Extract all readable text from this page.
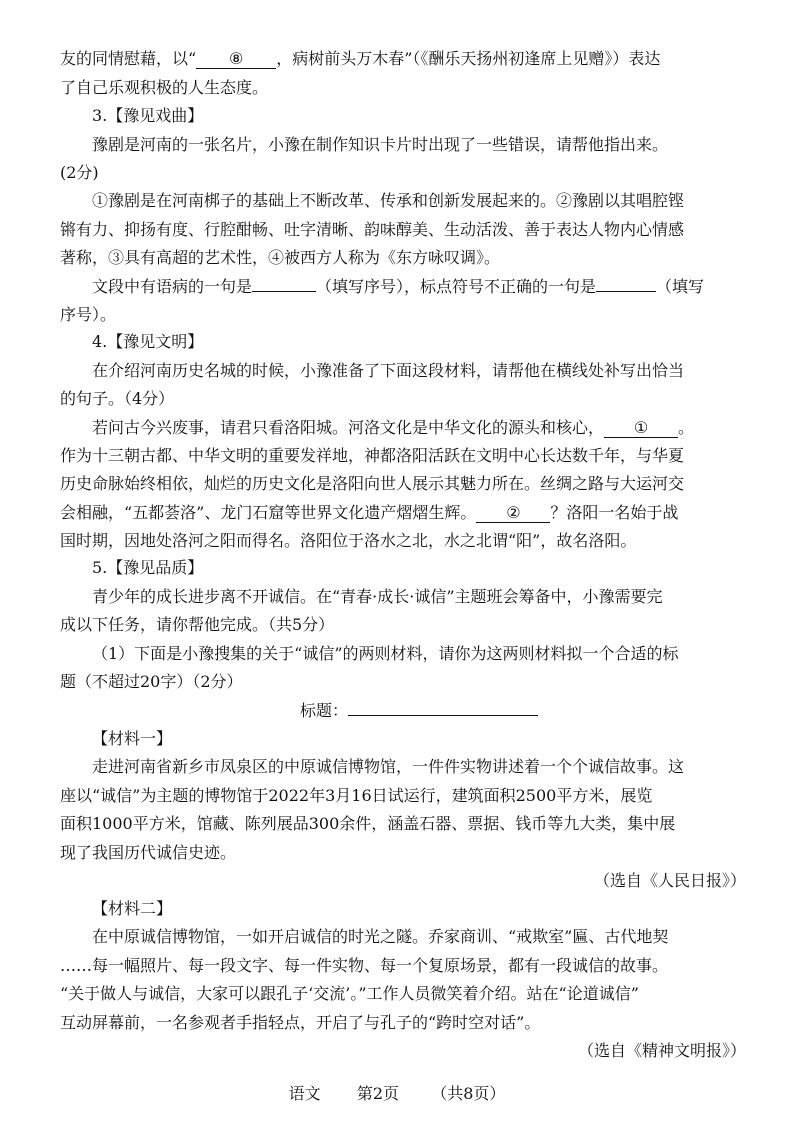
友的同情慰藉，以“ ⑧ ，病树前头万木春”（《酬乐天扬州初逢席上见赠》）表达
了自己乐观积极的人生态度。
3.【豫见戏曲】
豫剧是河南的一张名片，小豫在制作知识卡片时出现了一些错误，请帮他指出来。
(2分)
①豫剧是在河南梆子的基础上不断改革、传承和创新发展起来的。②豫剧以其唱腔铿
锵有力、抑扬有度、行腔酣畅、吐字清晰、韵味醇美、生动活泼、善于表达人物内心情感
著称，③具有高超的艺术性，④被西方人称为《东方咏叹调》。
文段中有语病的一句是	（填写序号），标点符号不正确的一句是	（填写
序号）。
4.【豫见文明】
在介绍河南历史名城的时候，小豫准备了下面这段材料，请帮他在横线处补写出恰当
的句子。（4分）
若问古今兴废事，请君只看洛阳城。河洛文化是中华文化的源头和核心， ① 。
作为十三朝古都、中华文明的重要发祥地，神都洛阳活跃在文明中心长达数千年，与华夏
历史命脉始终相依，灿烂的历史文化是洛阳向世人展示其魅力所在。丝绸之路与大运河交
会相融，“五都荟洛”、龙门石窟等世界文化遗产熠熠生辉。 ② ？洛阳一名始于战
国时期，因地处洛河之阳而得名。洛阳位于洛水之北，水之北谓“阳”，故名洛阳。
5.【豫见品质】
青少年的成长进步离不开诚信。在“青春·成长·诚信”主题班会筹备中，小豫需要完
成以下任务，请你帮他完成。（共5分）
（1）下面是小豫搜集的关于“诚信”的两则材料，请你为这两则材料拟一个合适的标
题（不超过20字）（2分）
标题：
【材料一】
走进河南省新乡市凤泉区的中原诚信博物馆，一件件实物讲述着一个个诚信故事。这
座以“诚信”为主题的博物馆于2022年3月16日试运行，建筑面积2500平方米，展览
面积1000平方米，馆藏、陈列展品300余件，涵盖石器、票据、钱币等九大类，集中展
现了我国历代诚信史迹。
（选自《人民日报》）
【材料二】
在中原诚信博物馆，一如开启诚信的时光之隧。乔家商训、“戒欺室”匾、古代地契
……每一幅照片、每一段文字、每一件实物、每一个复原场景，都有一段诚信的故事。
“关于做人与诚信，大家可以跟孔子‘交流’。”工作人员微笑着介绍。站在“论道诚信”
互动屏幕前，一名参观者手指轻点，开启了与孔子的“跨时空对话”。
（选自《精神文明报》）
语文 第2页 （共8页）
